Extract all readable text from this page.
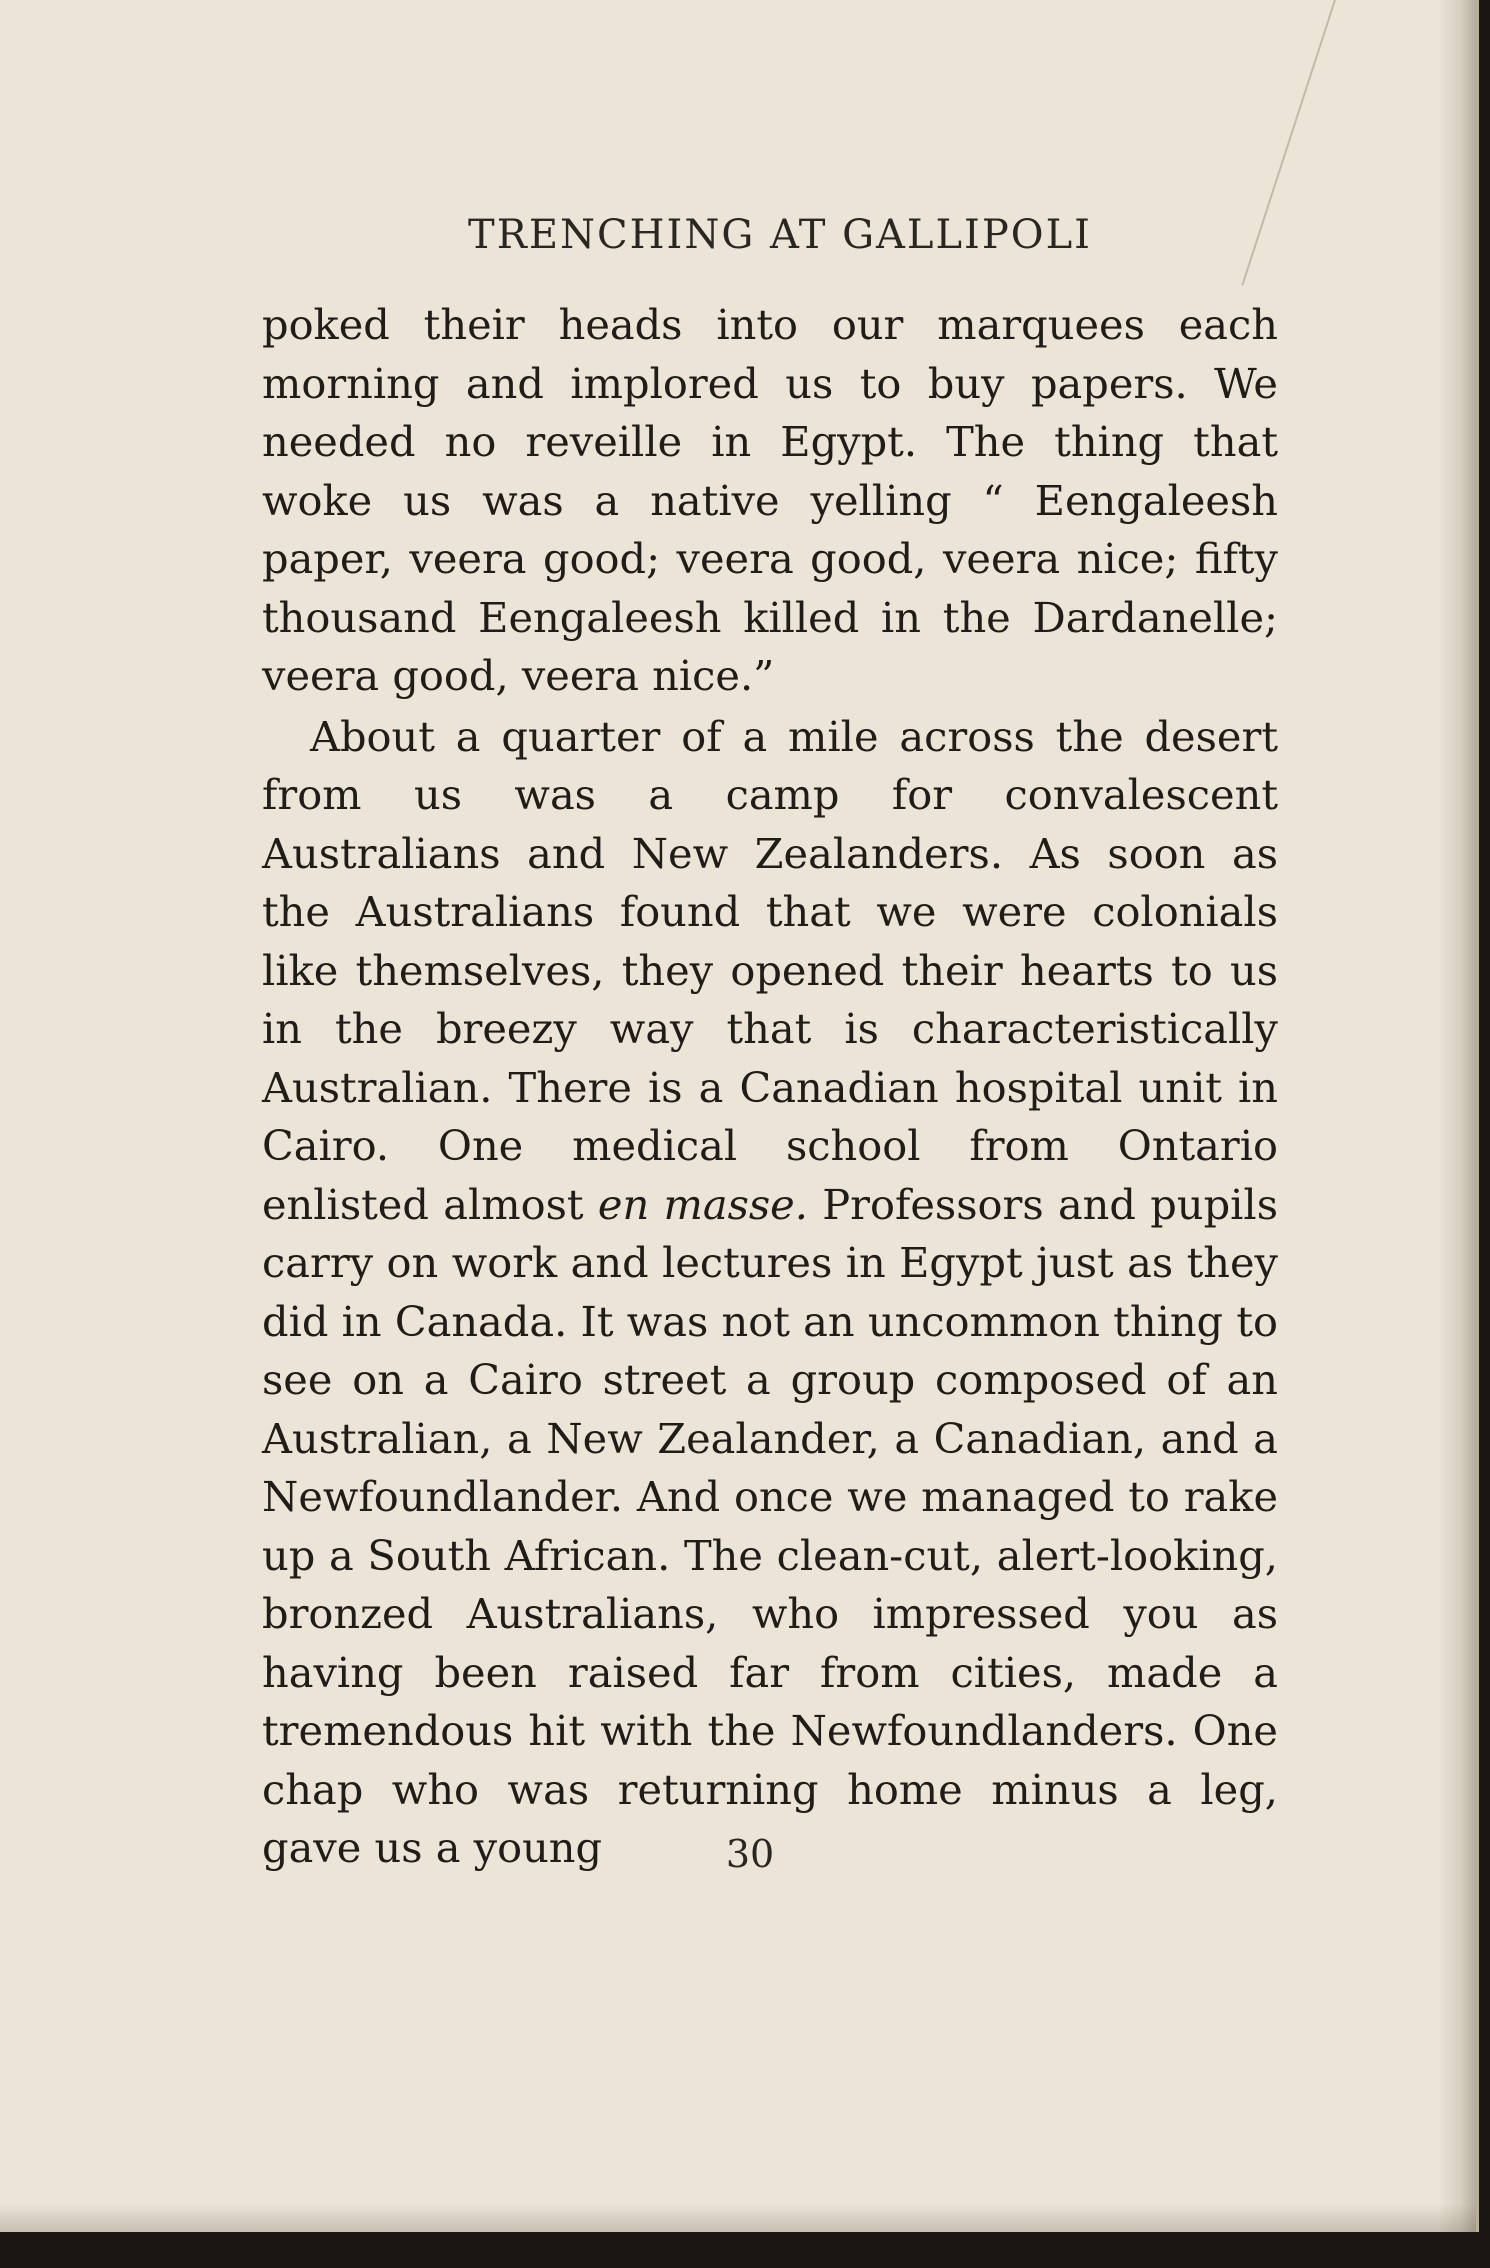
TRENCHING AT GALLIPOLI

poked their heads into our marquees each morning and implored us to buy papers. We needed no reveille in Egypt. The thing that woke us was a native yelling “ Eengaleesh paper, veera good; veera good, veera nice; fifty thousand Eengaleesh killed in the Dardanelle; veera good, veera nice.”

About a quarter of a mile across the desert from us was a camp for convalescent Australians and New Zealanders. As soon as the Australians found that we were colonials like themselves, they opened their hearts to us in the breezy way that is characteristically Australian. There is a Canadian hospital unit in Cairo. One medical school from Ontario enlisted almost en masse. Professors and pupils carry on work and lectures in Egypt just as they did in Canada. It was not an uncommon thing to see on a Cairo street a group composed of an Australian, a New Zealander, a Canadian, and a Newfoundlander. And once we managed to rake up a South African. The clean-cut, alert-looking, bronzed Australians, who impressed you as having been raised far from cities, made a tremendous hit with the Newfoundlanders. One chap who was returning home minus a leg, gave us a young	30
